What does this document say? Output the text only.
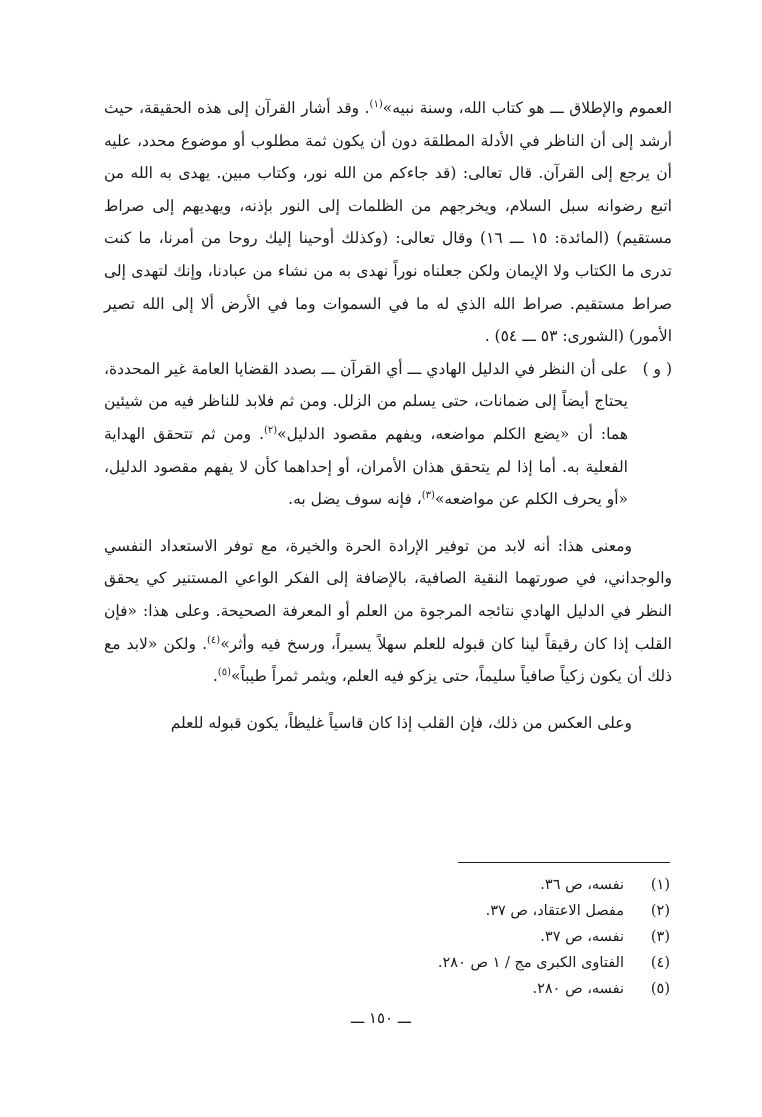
العموم والإطلاق ـــ هو كتاب الله، وسنة نبيه»$^{(١)}$. وقد أشار القرآن إلى هذه الحقيقة، حيث أرشد إلى أن الناظر في الأدلة المطلقة دون أن يكون ثمة مطلوب أو موضوع محدد، عليه أن يرجع إلى القرآن. قال تعالى: (قد جاءكم من الله نور، وكتاب مبين. يهدى به الله من اتبع رضوانه سبل السلام، ويخرجهم من الظلمات إلى النور بإذنه، ويهديهم إلى صراط مستقيم) (المائدة: ١٥ ـــ ١٦) وقال تعالى: (وكذلك أوحينا إليك روحا من أمرنا، ما كنت تدرى ما الكتاب ولا الإيمان ولكن جعلناه نوراً نهدى به من نشاء من عبادنا، وإنك لتهدى إلى صراط مستقيم. صراط الله الذي له ما في السموات وما في الأرض ألا إلى الله تصير الأمور) (الشورى: ٥٣ ـــ ٥٤) .

( و )
على أن النظر في الدليل الهادي ـــ أي القرآن ـــ بصدد القضايا العامة غير المحددة، يحتاج أيضاً إلى ضمانات، حتى يسلم من الزلل. ومن ثم فلابد للناظر فيه من شيئين هما: أن «يضع الكلم مواضعه، ويفهم مقصود الدليل»$^{(٢)}$. ومن ثم تتحقق الهداية الفعلية به. أما إذا لم يتحقق هذان الأمران، أو إحداهما كأن لا يفهم مقصود الدليل، «أو يحرف الكلم عن مواضعه»$^{(٣)}$، فإنه سوف يضل به.

ومعنى هذا: أنه لابد من توفير الإرادة الحرة والخيرة، مع توفر الاستعداد النفسي والوجداني، في صورتهما النقية الصافية، بالإضافة إلى الفكر الواعي المستنير كي يحقق النظر في الدليل الهادي نتائجه المرجوة من العلم أو المعرفة الصحيحة. وعلى هذا: «فإن القلب إذا كان رقيقاً لينا كان قبوله للعلم سهلاً يسيراً، ورسخ فيه وأثر»$^{(٤)}$. ولكن «لابد مع ذلك أن يكون زكياً صافياً سليماً، حتى يزكو فيه العلم، ويثمر ثمراً طيباً»$^{(٥)}$.

وعلى العكس من ذلك، فإن القلب إذا كان قاسياً غليظاً، يكون قبوله للعلم

(١)
نفسه، ص ٣٦.
(٢)
مفصل الاعتقاد، ص ٣٧.
(٣)
نفسه، ص ٣٧.
(٤)
الفتاوى الكبرى مج / ١ ص ٢٨٠.
(٥)
نفسه، ص ٢٨٠.
ـــ ١٥٠ ـــ
